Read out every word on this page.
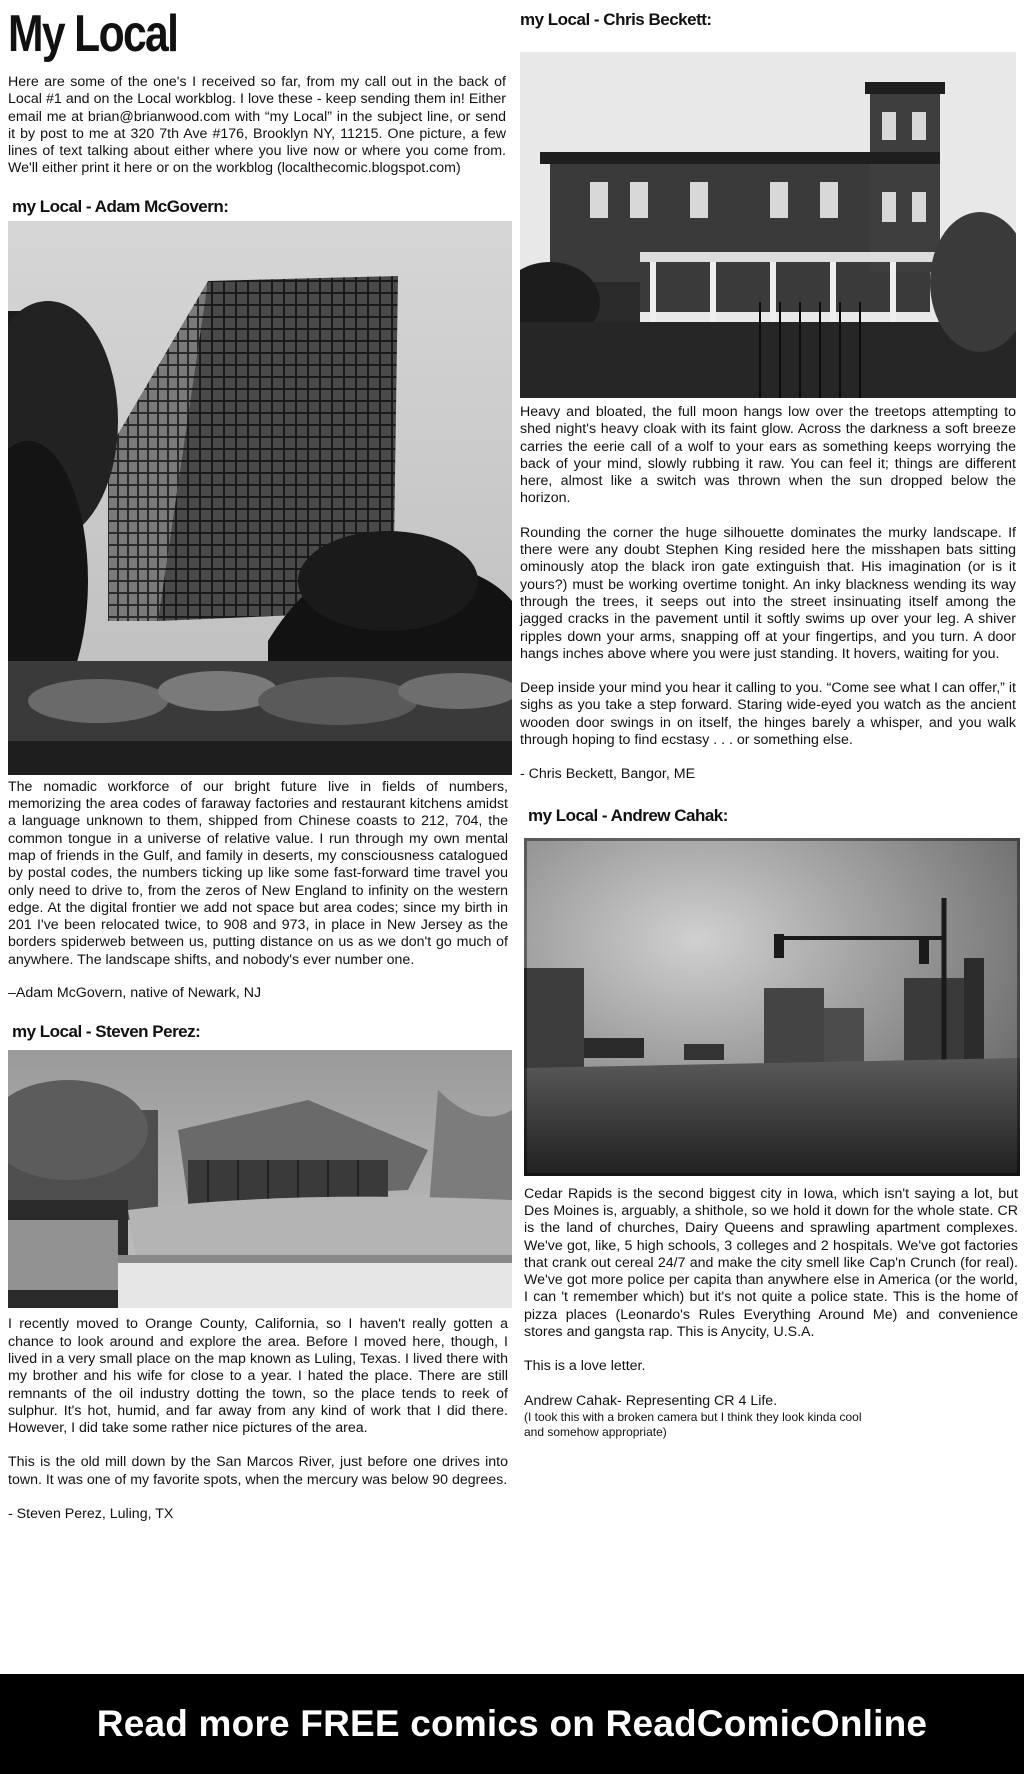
My Local

Here are some of the one's I received so far, from my call out in the back of Local #1 and on the Local workblog. I love these - keep sending them in! Either email me at brian@brianwood.com with “my Local” in the subject line, or send it by post to me at 320 7th Ave #176, Brooklyn NY, 11215. One picture, a few lines of text talking about either where you live now or where you come from. We'll either print it here or on the workblog (localthecomic.blogspot.com)

my Local - Adam McGovern:

The nomadic workforce of our bright future live in fields of numbers, memorizing the area codes of faraway factories and restaurant kitchens amidst a language unknown to them, shipped from Chinese coasts to 212, 704, the common tongue in a universe of relative value. I run through my own mental map of friends in the Gulf, and family in deserts, my consciousness catalogued by postal codes, the numbers ticking up like some fast-forward time travel you only need to drive to, from the zeros of New England to infinity on the western edge. At the digital frontier we add not space but area codes; since my birth in 201 I've been relocated twice, to 908 and 973, in place in New Jersey as the borders spiderweb between us, putting distance on us as we don't go much of anywhere. The landscape shifts, and nobody's ever number one.

–Adam McGovern, native of Newark, NJ

my Local - Steven Perez:

I recently moved to Orange County, California, so I haven't really gotten a chance to look around and explore the area. Before I moved here, though, I lived in a very small place on the map known as Luling, Texas. I lived there with my brother and his wife for close to a year. I hated the place. There are still remnants of the oil industry dotting the town, so the place tends to reek of sulphur. It's hot, humid, and far away from any kind of work that I did there. However, I did take some rather nice pictures of the area.

This is the old mill down by the San Marcos River, just before one drives into town. It was one of my favorite spots, when the mercury was below 90 degrees.

- Steven Perez, Luling, TX

my Local - Chris Beckett:

Heavy and bloated, the full moon hangs low over the treetops attempting to shed night's heavy cloak with its faint glow. Across the darkness a soft breeze carries the eerie call of a wolf to your ears as something keeps worrying the back of your mind, slowly rubbing it raw. You can feel it; things are different here, almost like a switch was thrown when the sun dropped below the horizon.

Rounding the corner the huge silhouette dominates the murky landscape. If there were any doubt Stephen King resided here the misshapen bats sitting ominously atop the black iron gate extinguish that. His imagination (or is it yours?) must be working overtime tonight. An inky blackness wending its way through the trees, it seeps out into the street insinuating itself among the jagged cracks in the pavement until it softly swims up over your leg. A shiver ripples down your arms, snapping off at your fingertips, and you turn. A door hangs inches above where you were just standing. It hovers, waiting for you.

Deep inside your mind you hear it calling to you. “Come see what I can offer,” it sighs as you take a step forward. Staring wide-eyed you watch as the ancient wooden door swings in on itself, the hinges barely a whisper, and you walk through hoping to find ecstasy . . . or something else.

- Chris Beckett, Bangor, ME

my Local - Andrew Cahak:

Cedar Rapids is the second biggest city in Iowa, which isn't saying a lot, but Des Moines is, arguably, a shithole, so we hold it down for the whole state. CR is the land of churches, Dairy Queens and sprawling apartment complexes. We've got, like, 5 high schools, 3 colleges and 2 hospitals. We've got factories that crank out cereal 24/7 and make the city smell like Cap'n Crunch (for real). We've got more police per capita than anywhere else in America (or the world, I can 't remember which) but it's not quite a police state. This is the home of pizza places (Leonardo's Rules Everything Around Me) and convenience stores and gangsta rap. This is Anycity, U.S.A.

This is a love letter.

Andrew Cahak- Representing CR 4 Life.

(I took this with a broken camera but I think they look kinda cool

and somehow appropriate)

Read more FREE comics on ReadComicOnline
